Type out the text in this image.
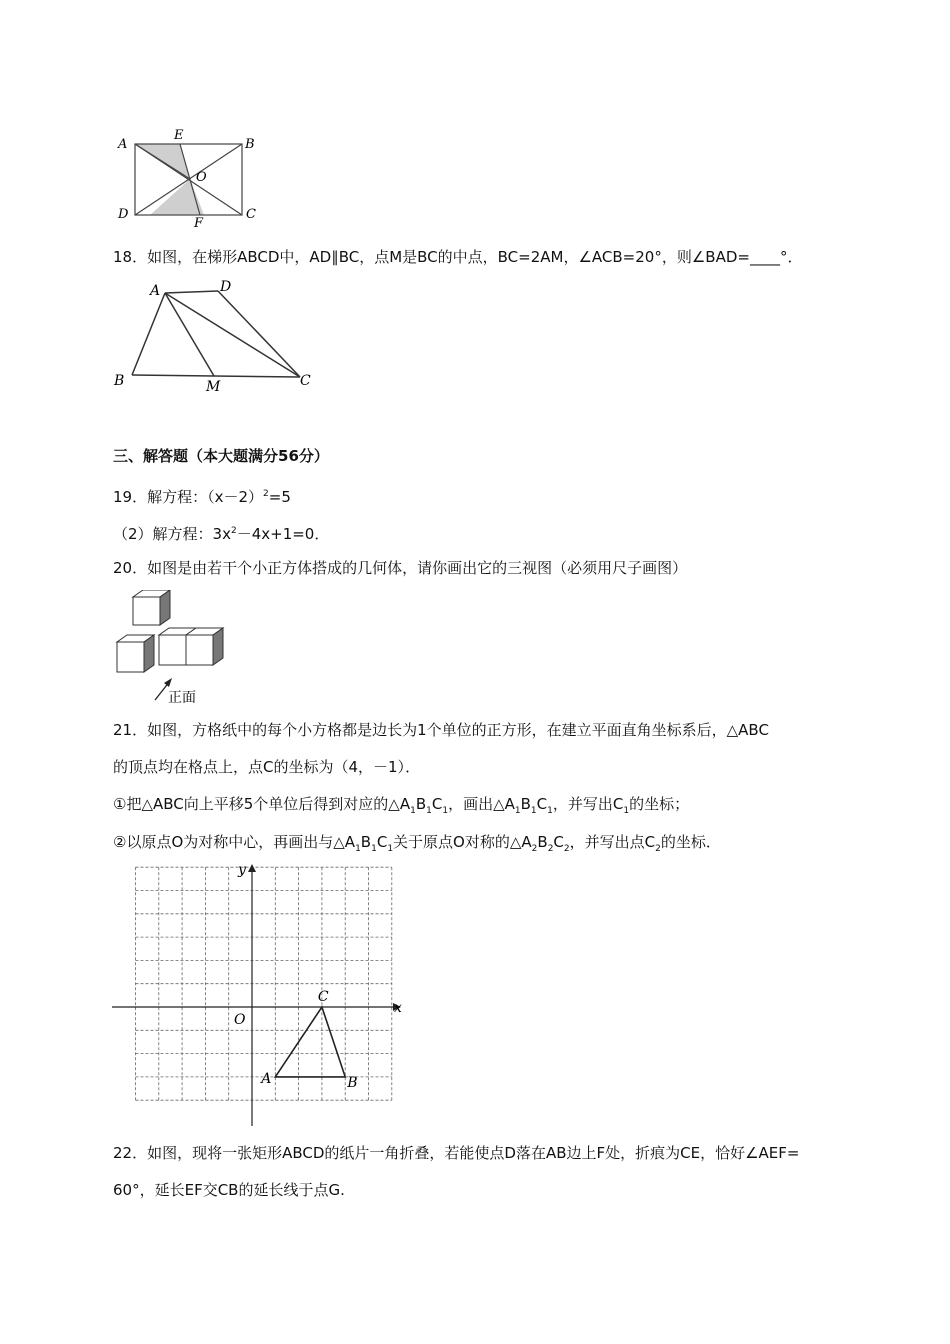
A
E
B
O
D
F
C
18．如图，在梯形ABCD中，AD∥BC，点M是BC的中点，BC=2AM，∠ACB=20°，则∠BAD=____°．
A	D
B	M	C
三、解答题（本大题满分56分）
19．解方程：$(x-2)^2=5$
（2）解方程：$3x^2-4x+1=0$．
20．如图是由若干个小正方体搭成的几何体，请你画出它的三视图（必须用尺子画图）
正面
21．如图，方格纸中的每个小方格都是边长为1个单位的正方形，在建立平面直角坐标系后，△ABC
的顶点均在格点上，点C的坐标为（4，－1）．
①把△ABC向上平移5个单位后得到对应的$\triangle A_1B_1C_1$，画出$\triangle A_1B_1C_1$，并写出$C_1$的坐标；
②以原点O为对称中心，再画出与$\triangle A_1B_1C_1$关于原点O对称的$\triangle A_2B_2C_2$，并写出点$C_2$的坐标．
x
y
O
A	B
C
22．如图，现将一张矩形ABCD的纸片一角折叠，若能使点D落在AB边上F处，折痕为CE，恰好∠AEF=
60°，延长EF交CB的延长线于点G.
